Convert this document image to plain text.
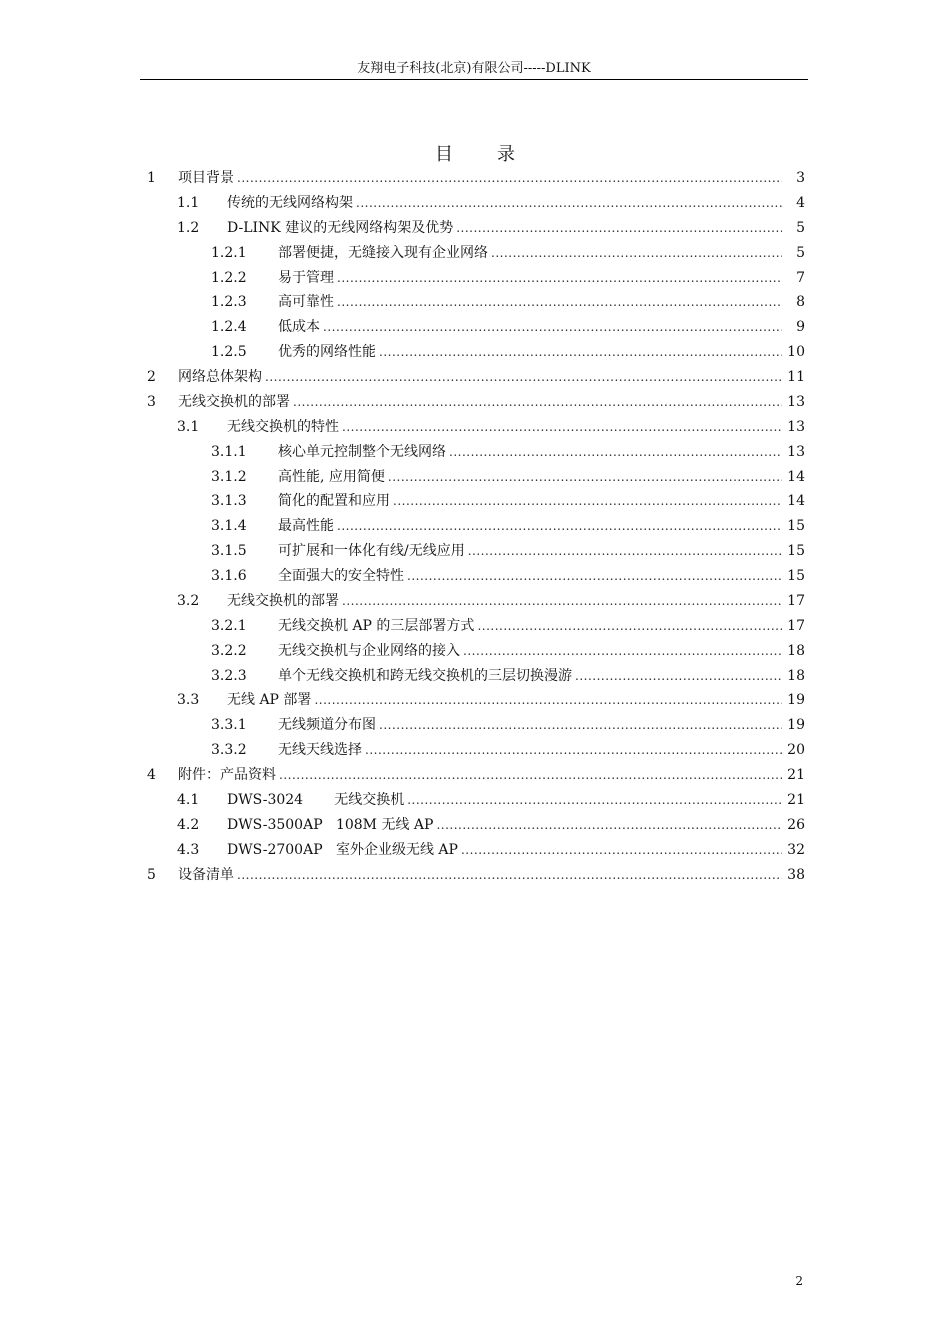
友翔电子科技(北京)有限公司-----DLINK
目录
1	项目背景 .....	3
1.1	传统的无线网络构架 .....	4
1.2	D-LINK 建议的无线网络构架及优势 .....	5
1.2.1	部署便捷，无缝接入现有企业网络 .....	5
1.2.2	易于管理 .....	7
1.2.3	高可靠性 .....	8
1.2.4	低成本 .....	9
1.2.5	优秀的网络性能 .....	10
2	网络总体架构 .....	11
3	无线交换机的部署 .....	13
3.1	无线交换机的特性 .....	13
3.1.1	核心单元控制整个无线网络 .....	13
3.1.2	高性能, 应用简便 .....	14
3.1.3	简化的配置和应用 .....	14
3.1.4	最高性能 .....	15
3.1.5	可扩展和一体化有线/无线应用 .....	15
3.1.6	全面强大的安全特性 .....	15
3.2	无线交换机的部署 .....	17
3.2.1	无线交换机 AP 的三层部署方式 .....	17
3.2.2	无线交换机与企业网络的接入 .....	18
3.2.3	单个无线交换机和跨无线交换机的三层切换漫游 .....	18
3.3	无线 AP 部署 .....	19
3.3.1	无线频道分布图 .....	19
3.3.2	无线天线选择 .....	20
4	附件：产品资料 .....	21
4.1	DWS-3024       无线交换机 .....	21
4.2	DWS-3500AP   108M 无线 AP .....	26
4.3	DWS-2700AP   室外企业级无线 AP .....	32
5	设备清单 .....	38
2
